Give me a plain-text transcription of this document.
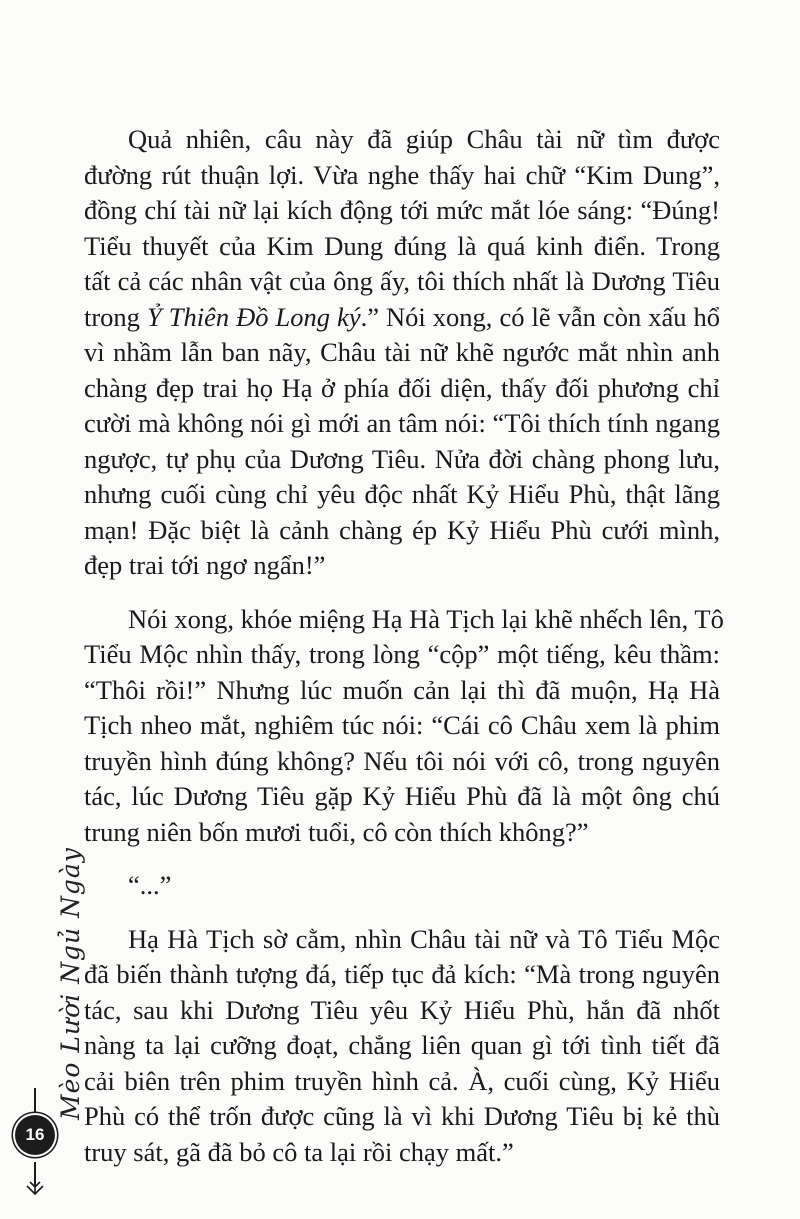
Quả nhiên, câu này đã giúp Châu tài nữ tìm được
đường rút thuận lợi. Vừa nghe thấy hai chữ “Kim Dung”,
đồng chí tài nữ lại kích động tới mức mắt lóe sáng: “Đúng!
Tiểu thuyết của Kim Dung đúng là quá kinh điển. Trong
tất cả các nhân vật của ông ấy, tôi thích nhất là Dương Tiêu
trong Ỷ Thiên Đồ Long ký.” Nói xong, có lẽ vẫn còn xấu hổ
vì nhầm lẫn ban nãy, Châu tài nữ khẽ ngước mắt nhìn anh
chàng đẹp trai họ Hạ ở phía đối diện, thấy đối phương chỉ
cười mà không nói gì mới an tâm nói: “Tôi thích tính ngang
ngược, tự phụ của Dương Tiêu. Nửa đời chàng phong lưu,
nhưng cuối cùng chỉ yêu độc nhất Kỷ Hiểu Phù, thật lãng
mạn! Đặc biệt là cảnh chàng ép Kỷ Hiểu Phù cưới mình,
đẹp trai tới ngơ ngẩn!”
Nói xong, khóe miệng Hạ Hà Tịch lại khẽ nhếch lên, Tô
Tiểu Mộc nhìn thấy, trong lòng “cộp” một tiếng, kêu thầm:
“Thôi rồi!” Nhưng lúc muốn cản lại thì đã muộn, Hạ Hà
Tịch nheo mắt, nghiêm túc nói: “Cái cô Châu xem là phim
truyền hình đúng không? Nếu tôi nói với cô, trong nguyên
tác, lúc Dương Tiêu gặp Kỷ Hiểu Phù đã là một ông chú
trung niên bốn mươi tuổi, cô còn thích không?”
“...”
Hạ Hà Tịch sờ cằm, nhìn Châu tài nữ và Tô Tiểu Mộc
đã biến thành tượng đá, tiếp tục đả kích: “Mà trong nguyên
tác, sau khi Dương Tiêu yêu Kỷ Hiểu Phù, hắn đã nhốt
nàng ta lại cưỡng đoạt, chẳng liên quan gì tới tình tiết đã
cải biên trên phim truyền hình cả. À, cuối cùng, Kỷ Hiểu
Phù có thể trốn được cũng là vì khi Dương Tiêu bị kẻ thù
truy sát, gã đã bỏ cô ta lại rồi chạy mất.”
Mèo Lười Ngủ Ngày
16
